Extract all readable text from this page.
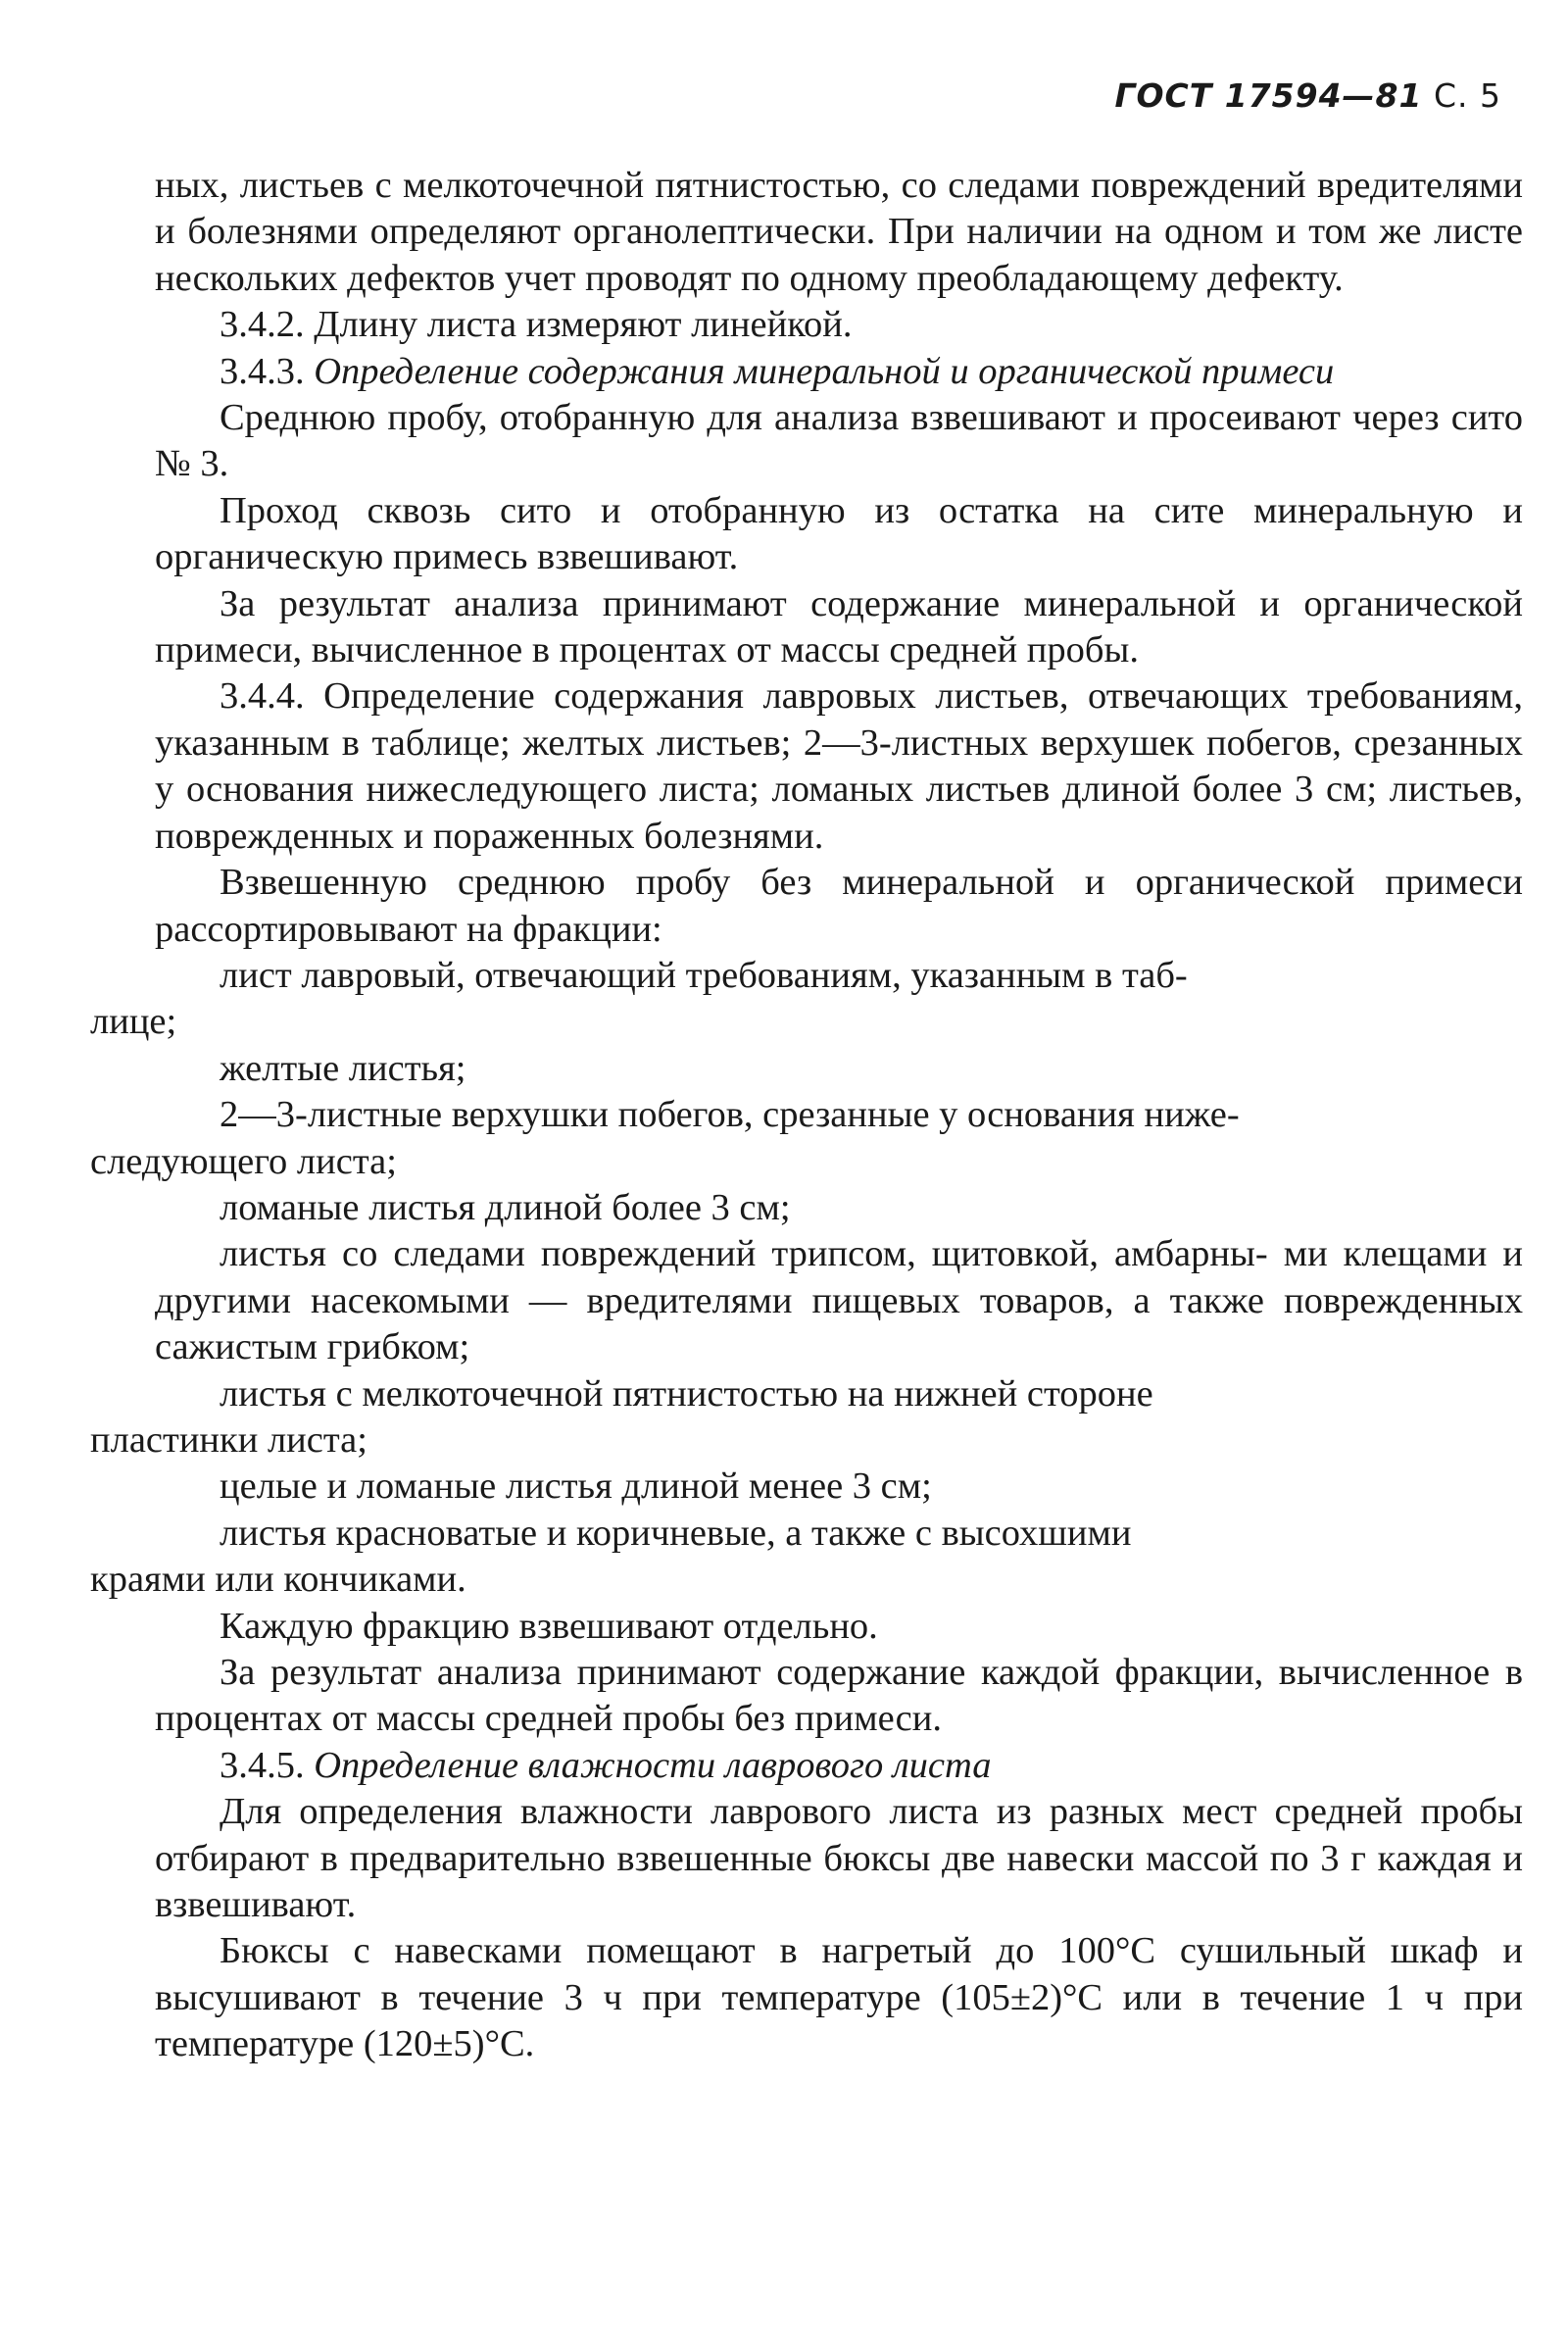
ГОСТ 17594—81 С. 5

ных, листьев с мелкоточечной пятнистостью, со следами повреждений вредителями и болезнями определяют органолептически. При наличии на одном и том же листе нескольких дефектов учет проводят по одному преобладающему дефекту.

3.4.2. Длину листа измеряют линейкой.

3.4.3. Определение содержания минеральной и органической примеси

Среднюю пробу, отобранную для анализа взвешивают и просеивают через сито № 3.

Проход сквозь сито и отобранную из остатка на сите минеральную и органическую примесь взвешивают.

За результат анализа принимают содержание минеральной и органической примеси, вычисленное в процентах от массы средней пробы.

3.4.4. Определение содержания лавровых листьев, отвечающих требованиям, указанным в таблице; желтых листьев; 2—3-листных верхушек побегов, срезанных у основания нижеследующего листа; ломаных листьев длиной более 3 см; листьев, поврежденных и пораженных болезнями.

Взвешенную среднюю пробу без минеральной и органической примеси рассортировывают на фракции:

лист лавровый, отвечающий требованиям, указанным в таб-
лице;

желтые листья;

2—3-листные верхушки побегов, срезанные у основания ниже-
следующего листа;

ломаные листья длиной более 3 см;

листья со следами повреждений трипсом, щитовкой, амбарны- ми клещами и другими насекомыми — вредителями пищевых товаров, а также поврежденных сажистым грибком;

листья с мелкоточечной пятнистостью на нижней стороне
пластинки листа;

целые и ломаные листья длиной менее 3 см;

листья красноватые и коричневые, а также с высохшими
краями или кончиками.

Каждую фракцию взвешивают отдельно.

За результат анализа принимают содержание каждой фракции, вычисленное в процентах от массы средней пробы без примеси.

3.4.5. Определение влажности лаврового листа

Для определения влажности лаврового листа из разных мест средней пробы отбирают в предварительно взвешенные бюксы две навески массой по 3 г каждая и взвешивают.

Бюксы с навесками помещают в нагретый до 100°С сушильный шкаф и высушивают в течение 3 ч при температуре (105±2)°С или в течение 1 ч при температуре (120±5)°С.
